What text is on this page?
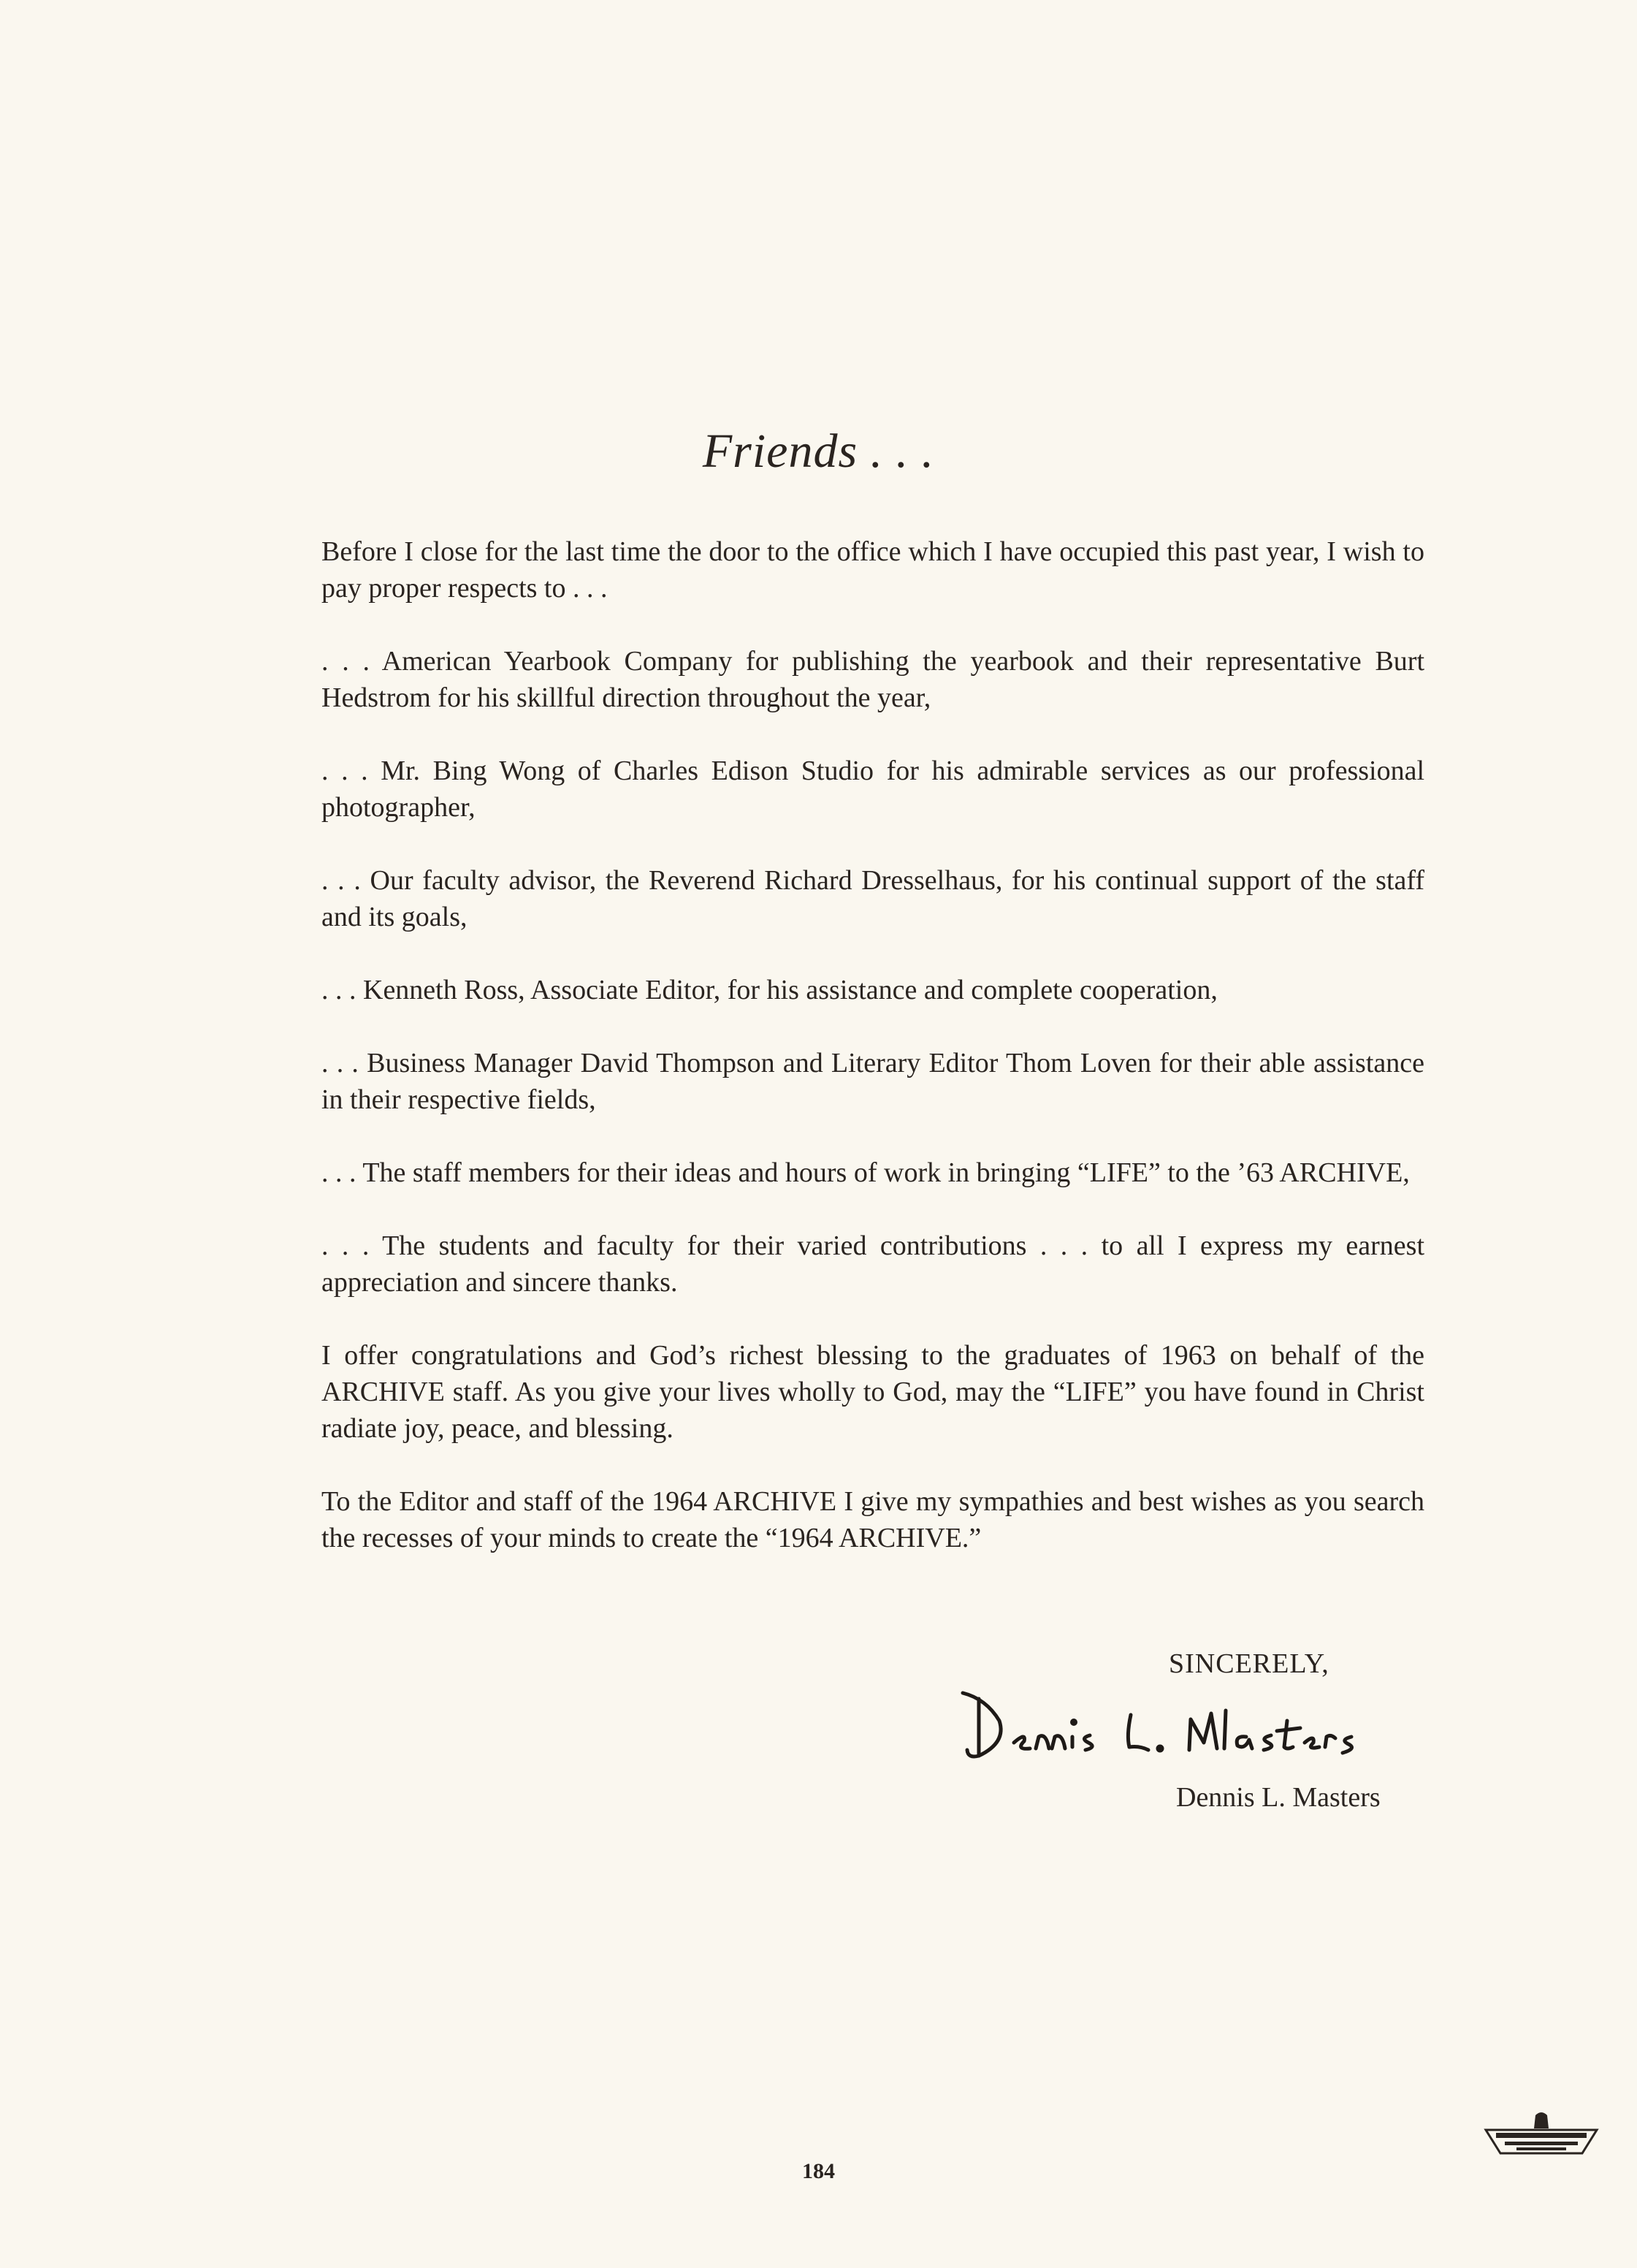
Friends . . .

Before I close for the last time the door to the office which I have occupied this past year, I wish to pay proper respects to . . .

. . . American Yearbook Company for publishing the yearbook and their representative Burt Hedstrom for his skillful direction throughout the year,

. . . Mr. Bing Wong of Charles Edison Studio for his admirable services as our professional photographer,

. . . Our faculty advisor, the Reverend Richard Dresselhaus, for his continual support of the staff and its goals,

. . . Kenneth Ross, Associate Editor, for his assistance and complete cooperation,

. . . Business Manager David Thompson and Literary Editor Thom Loven for their able assistance in their respective fields,

. . . The staff members for their ideas and hours of work in bringing “LIFE” to the ’63 ARCHIVE,

. . . The students and faculty for their varied contributions . . . to all I express my earnest appreciation and sincere thanks.

I offer congratulations and God’s richest blessing to the graduates of 1963 on behalf of the ARCHIVE staff. As you give your lives wholly to God, may the “LIFE” you have found in Christ radiate joy, peace, and blessing.

To the Editor and staff of the 1964 ARCHIVE I give my sympathies and best wishes as you search the recesses of your minds to create the “1964 ARCHIVE.”

SINCERELY,
Dennis L. Masters
184
